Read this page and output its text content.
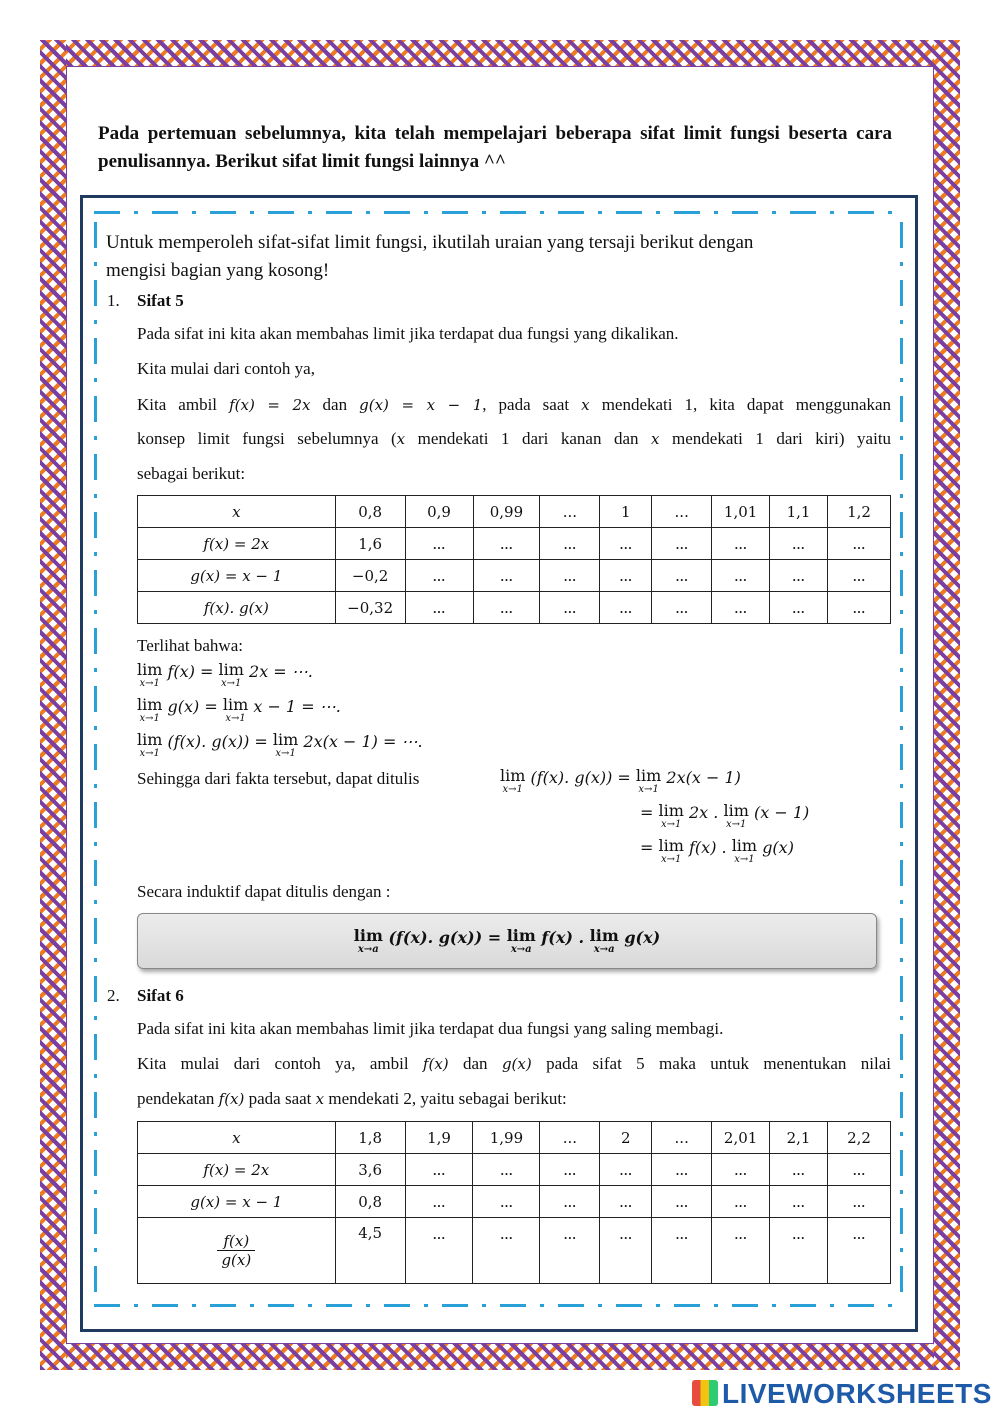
Pada pertemuan sebelumnya, kita telah mempelajari beberapa sifat limit fungsi beserta cara penulisannya. Berikut sifat limit fungsi lainnya ^^
Untuk memperoleh sifat-sifat limit fungsi, ikutilah uraian yang tersaji berikut dengan
mengisi bagian yang kosong!
1. Sifat 5
Pada sifat ini kita akan membahas limit jika terdapat dua fungsi yang dikalikan.
Kita mulai dari contoh ya,
Kita ambil f(x) = 2x dan g(x) = x − 1, pada saat x mendekati 1, kita dapat menggunakan
konsep limit fungsi sebelumnya (x mendekati 1 dari kanan dan x mendekati 1 dari kiri) yaitu
sebagai berikut:
x	0,8	0,9	0,99	...	1	...	1,01	1,1	1,2
f(x) = 2x	1,6	...	...	...	...	...	...	...	...
g(x) = x − 1	−0,2	...	...	...	...	...	...	...	...
f(x). g(x)	−0,32	...	...	...	...	...	...	...	...
Terlihat bahwa:
lim
x→1
f(x) = lim
x→1
2x = ⋯.
lim
x→1
g(x) = lim
x→1
x − 1 = ⋯.
lim
x→1
(f(x). g(x)) = lim
x→1
2x(x − 1) = ⋯.
Sehingga dari fakta tersebut, dapat ditulis	lim
x→1
(f(x). g(x)) = lim
x→1
2x(x − 1)
= lim
x→1
2x . lim
x→1
(x − 1)
= lim
x→1
f(x) . lim
x→1
g(x)
Secara induktif dapat ditulis dengan :
lim
x→a
(f(x). g(x)) = lim
x→a
f(x) . lim
x→a
g(x)
2. Sifat 6
Pada sifat ini kita akan membahas limit jika terdapat dua fungsi yang saling membagi.
Kita mulai dari contoh ya, ambil f(x) dan g(x) pada sifat 5 maka untuk menentukan nilai
pendekatan f(x) pada saat x mendekati 2, yaitu sebagai berikut:
x	1,8	1,9	1,99	...	2	...	2,01	2,1	2,2
f(x) = 2x	3,6	...	...	...	...	...	...	...	...
g(x) = x − 1	0,8	...	...	...	...	...	...	...	...

$\frac{f(x)}{g(x)}$	4,5	...	...	...	...	...	...	...	...
LIVEWORKSHEETS
